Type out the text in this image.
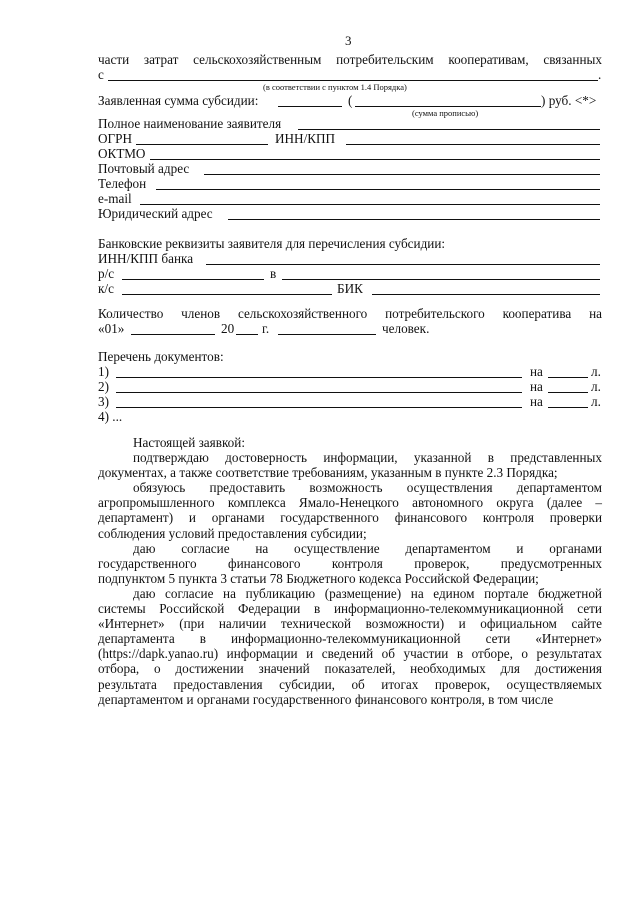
3
части затрат сельскохозяйственным потребительским кооперативам, связанных
с	.
(в соответствии с пунктом 1.4 Порядка)
Заявленная сумма субсидии:	(	) руб. <*>
(сумма прописью)
Полное наименование заявителя
ОГРН	ИНН/КПП
ОКТМО
Почтовый адрес
Телефон
e-mail
Юридический адрес
Банковские реквизиты заявителя для перечисления субсидии:
ИНН/КПП банка
р/с	в
к/с	БИК
Количество членов сельскохозяйственного потребительского кооператива на
«01»	20 г.	человек.
Перечень документов:
1)	на	л.
2)	на	л.
3)	на	л.
4) ...
Настоящей заявкой:
подтверждаю достоверность информации, указанной в представленных
документах, а также соответствие требованиям, указанным в пункте 2.3 Порядка;
обязуюсь предоставить возможность осуществления департаментом
агропромышленного комплекса Ямало-Ненецкого автономного округа (далее –
департамент) и органами государственного финансового контроля проверки
соблюдения условий предоставления субсидии;
даю согласие на осуществление департаментом и органами
государственного финансового контроля проверок, предусмотренных
подпунктом 5 пункта 3 статьи 78 Бюджетного кодекса Российской Федерации;
даю согласие на публикацию (размещение) на едином портале бюджетной
системы Российской Федерации в информационно-телекоммуникационной сети
«Интернет» (при наличии технической возможности) и официальном сайте
департамента в информационно-телекоммуникационной сети «Интернет»
(https://dapk.yanao.ru) информации и сведений об участии в отборе, о результатах
отбора, о достижении значений показателей, необходимых для достижения
результата предоставления субсидии, об итогах проверок, осуществляемых
департаментом и органами государственного финансового контроля, в том числе
